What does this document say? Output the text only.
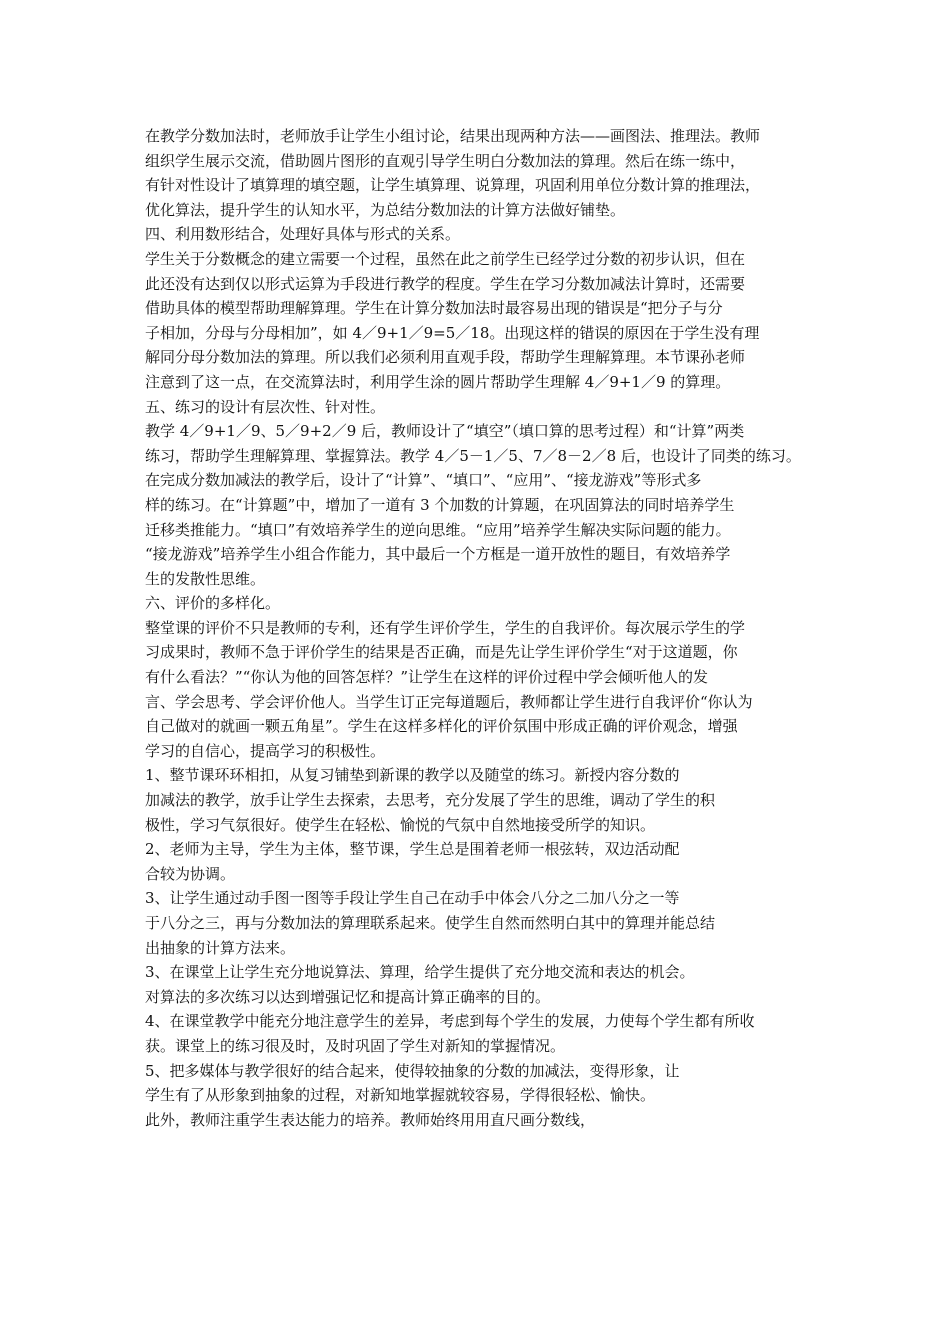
在教学分数加法时，老师放手让学生小组讨论，结果出现两种方法——画图法、推理法。教师
组织学生展示交流，借助圆片图形的直观引导学生明白分数加法的算理。然后在练一练中，
有针对性设计了填算理的填空题，让学生填算理、说算理，巩固利用单位分数计算的推理法，
优化算法，提升学生的认知水平，为总结分数加法的计算方法做好铺垫。
四、利用数形结合，处理好具体与形式的关系。
学生关于分数概念的建立需要一个过程，虽然在此之前学生已经学过分数的初步认识，但在
此还没有达到仅以形式运算为手段进行教学的程度。学生在学习分数加减法计算时，还需要
借助具体的模型帮助理解算理。学生在计算分数加法时最容易出现的错误是“把分子与分
子相加，分母与分母相加”，如 4／9+1／9=5／18。出现这样的错误的原因在于学生没有理
解同分母分数加法的算理。所以我们必须利用直观手段，帮助学生理解算理。本节课孙老师
注意到了这一点，在交流算法时，利用学生涂的圆片帮助学生理解 4／9+1／9 的算理。
五、练习的设计有层次性、针对性。
教学 4／9+1／9、5／9+2／9 后，教师设计了“填空”（填口算的思考过程）和“计算”两类
练习，帮助学生理解算理、掌握算法。教学 4／5－1／5、7／8－2／8 后，也设计了同类的练习。
在完成分数加减法的教学后，设计了“计算”、“填口”、“应用”、“接龙游戏”等形式多
样的练习。在“计算题”中，增加了一道有 3 个加数的计算题，在巩固算法的同时培养学生
迁移类推能力。“填口”有效培养学生的逆向思维。“应用”培养学生解决实际问题的能力。
“接龙游戏”培养学生小组合作能力，其中最后一个方框是一道开放性的题目，有效培养学
生的发散性思维。
六、评价的多样化。
整堂课的评价不只是教师的专利，还有学生评价学生，学生的自我评价。每次展示学生的学
习成果时，教师不急于评价学生的结果是否正确，而是先让学生评价学生“对于这道题，你
有什么看法？”“你认为他的回答怎样？”让学生在这样的评价过程中学会倾听他人的发
言、学会思考、学会评价他人。当学生订正完每道题后，教师都让学生进行自我评价“你认为
自己做对的就画一颗五角星”。学生在这样多样化的评价氛围中形成正确的评价观念，增强
学习的自信心，提高学习的积极性。
1、整节课环环相扣，从复习铺垫到新课的教学以及随堂的练习。新授内容分数的
加减法的教学，放手让学生去探索，去思考，充分发展了学生的思维，调动了学生的积
极性，学习气氛很好。使学生在轻松、愉悦的气氛中自然地接受所学的知识。
2、老师为主导，学生为主体，整节课，学生总是围着老师一根弦转，双边活动配
合较为协调。
3、让学生通过动手图一图等手段让学生自己在动手中体会八分之二加八分之一等
于八分之三，再与分数加法的算理联系起来。使学生自然而然明白其中的算理并能总结
出抽象的计算方法来。
3、在课堂上让学生充分地说算法、算理，给学生提供了充分地交流和表达的机会。
对算法的多次练习以达到增强记忆和提高计算正确率的目的。
4、在课堂教学中能充分地注意学生的差异，考虑到每个学生的发展，力使每个学生都有所收
获。课堂上的练习很及时，及时巩固了学生对新知的掌握情况。
5、把多媒体与教学很好的结合起来，使得较抽象的分数的加减法，变得形象，让
学生有了从形象到抽象的过程，对新知地掌握就较容易，学得很轻松、愉快。
此外，教师注重学生表达能力的培养。教师始终用用直尺画分数线，
